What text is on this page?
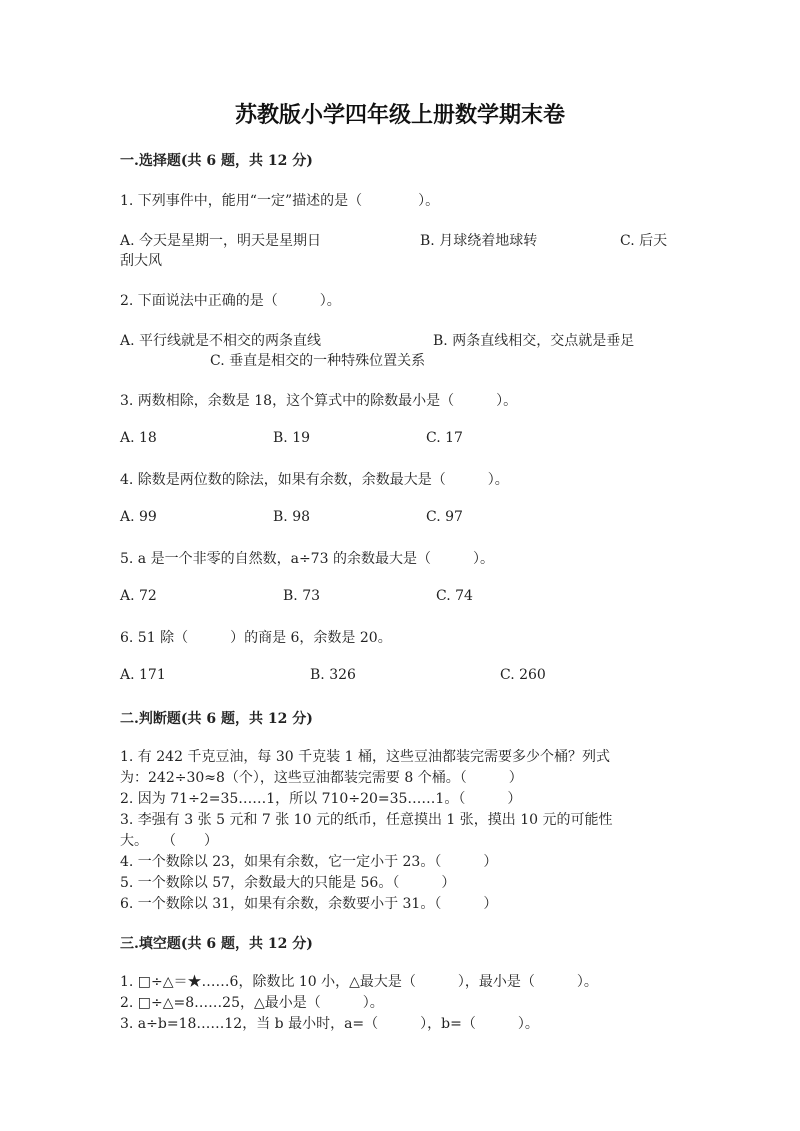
苏教版小学四年级上册数学期末卷
一.选择题(共 6 题，共 12 分)
1. 下列事件中，能用“一定”描述的是（　　　　）。
A. 今天是星期一，明天是星期日	B. 月球绕着地球转	C. 后天
刮大风
2. 下面说法中正确的是（　　　）。
A. 平行线就是不相交的两条直线	B. 两条直线相交，交点就是垂足
C. 垂直是相交的一种特殊位置关系
3. 两数相除，余数是 18，这个算式中的除数最小是（　　　）。
A. 18	B. 19	C. 17
4. 除数是两位数的除法，如果有余数，余数最大是（　　　）。
A. 99	B. 98	C. 97
5. a 是一个非零的自然数，a÷73 的余数最大是（　　　）。
A. 72	B. 73	C. 74
6. 51 除（　　　）的商是 6，余数是 20。
A. 171	B. 326	C. 260
二.判断题(共 6 题，共 12 分)
1. 有 242 千克豆油，每 30 千克装 1 桶，这些豆油都装完需要多少个桶？列式
为：242÷30≈8（个），这些豆油都装完需要 8 个桶。（　　　）
2. 因为 71÷2=35……1，所以 710÷20=35……1。（　　　）
3. 李强有 3 张 5 元和 7 张 10 元的纸币，任意摸出 1 张，摸出 10 元的可能性
大。　　（　　）
4. 一个数除以 23，如果有余数，它一定小于 23。（　　　）
5. 一个数除以 57，余数最大的只能是 56。（　　　）
6. 一个数除以 31，如果有余数，余数要小于 31。（　　　）
三.填空题(共 6 题，共 12 分)
1. □÷△＝★……6，除数比 10 小，△最大是（　　　），最小是（　　　）。
2. □÷△=8……25，△最小是（　　　）。
3. a÷b=18……12，当 b 最小时，a=（　　　），b=（　　　）。
